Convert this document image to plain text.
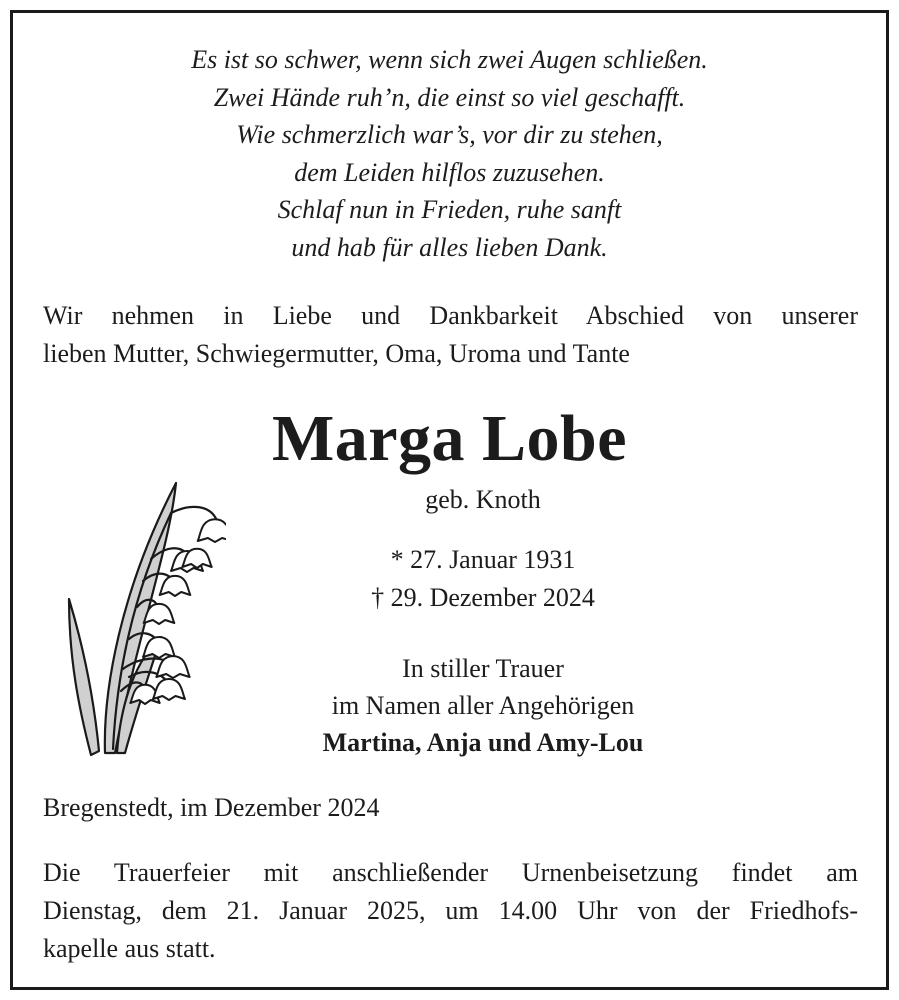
Es ist so schwer, wenn sich zwei Augen schließen.
Zwei Hände ruh’n, die einst so viel geschafft.
Wie schmerzlich war’s, vor dir zu stehen,
dem Leiden hilflos zuzusehen.
Schlaf nun in Frieden, ruhe sanft
und hab für alles lieben Dank.
Wir nehmen in Liebe und Dankbarkeit Abschied von unserer
lieben Mutter, Schwiegermutter, Oma, Uroma und Tante
Marga Lobe
geb. Knoth
* 27. Januar 1931
† 29. Dezember 2024
In stiller Trauer
im Namen aller Angehörigen
Martina, Anja und Amy-Lou
Bregenstedt, im Dezember 2024
Die Trauerfeier mit anschließender Urnenbeisetzung findet am
Dienstag, dem 21. Januar 2025, um 14.00 Uhr von der Friedhofs-
kapelle aus statt.
